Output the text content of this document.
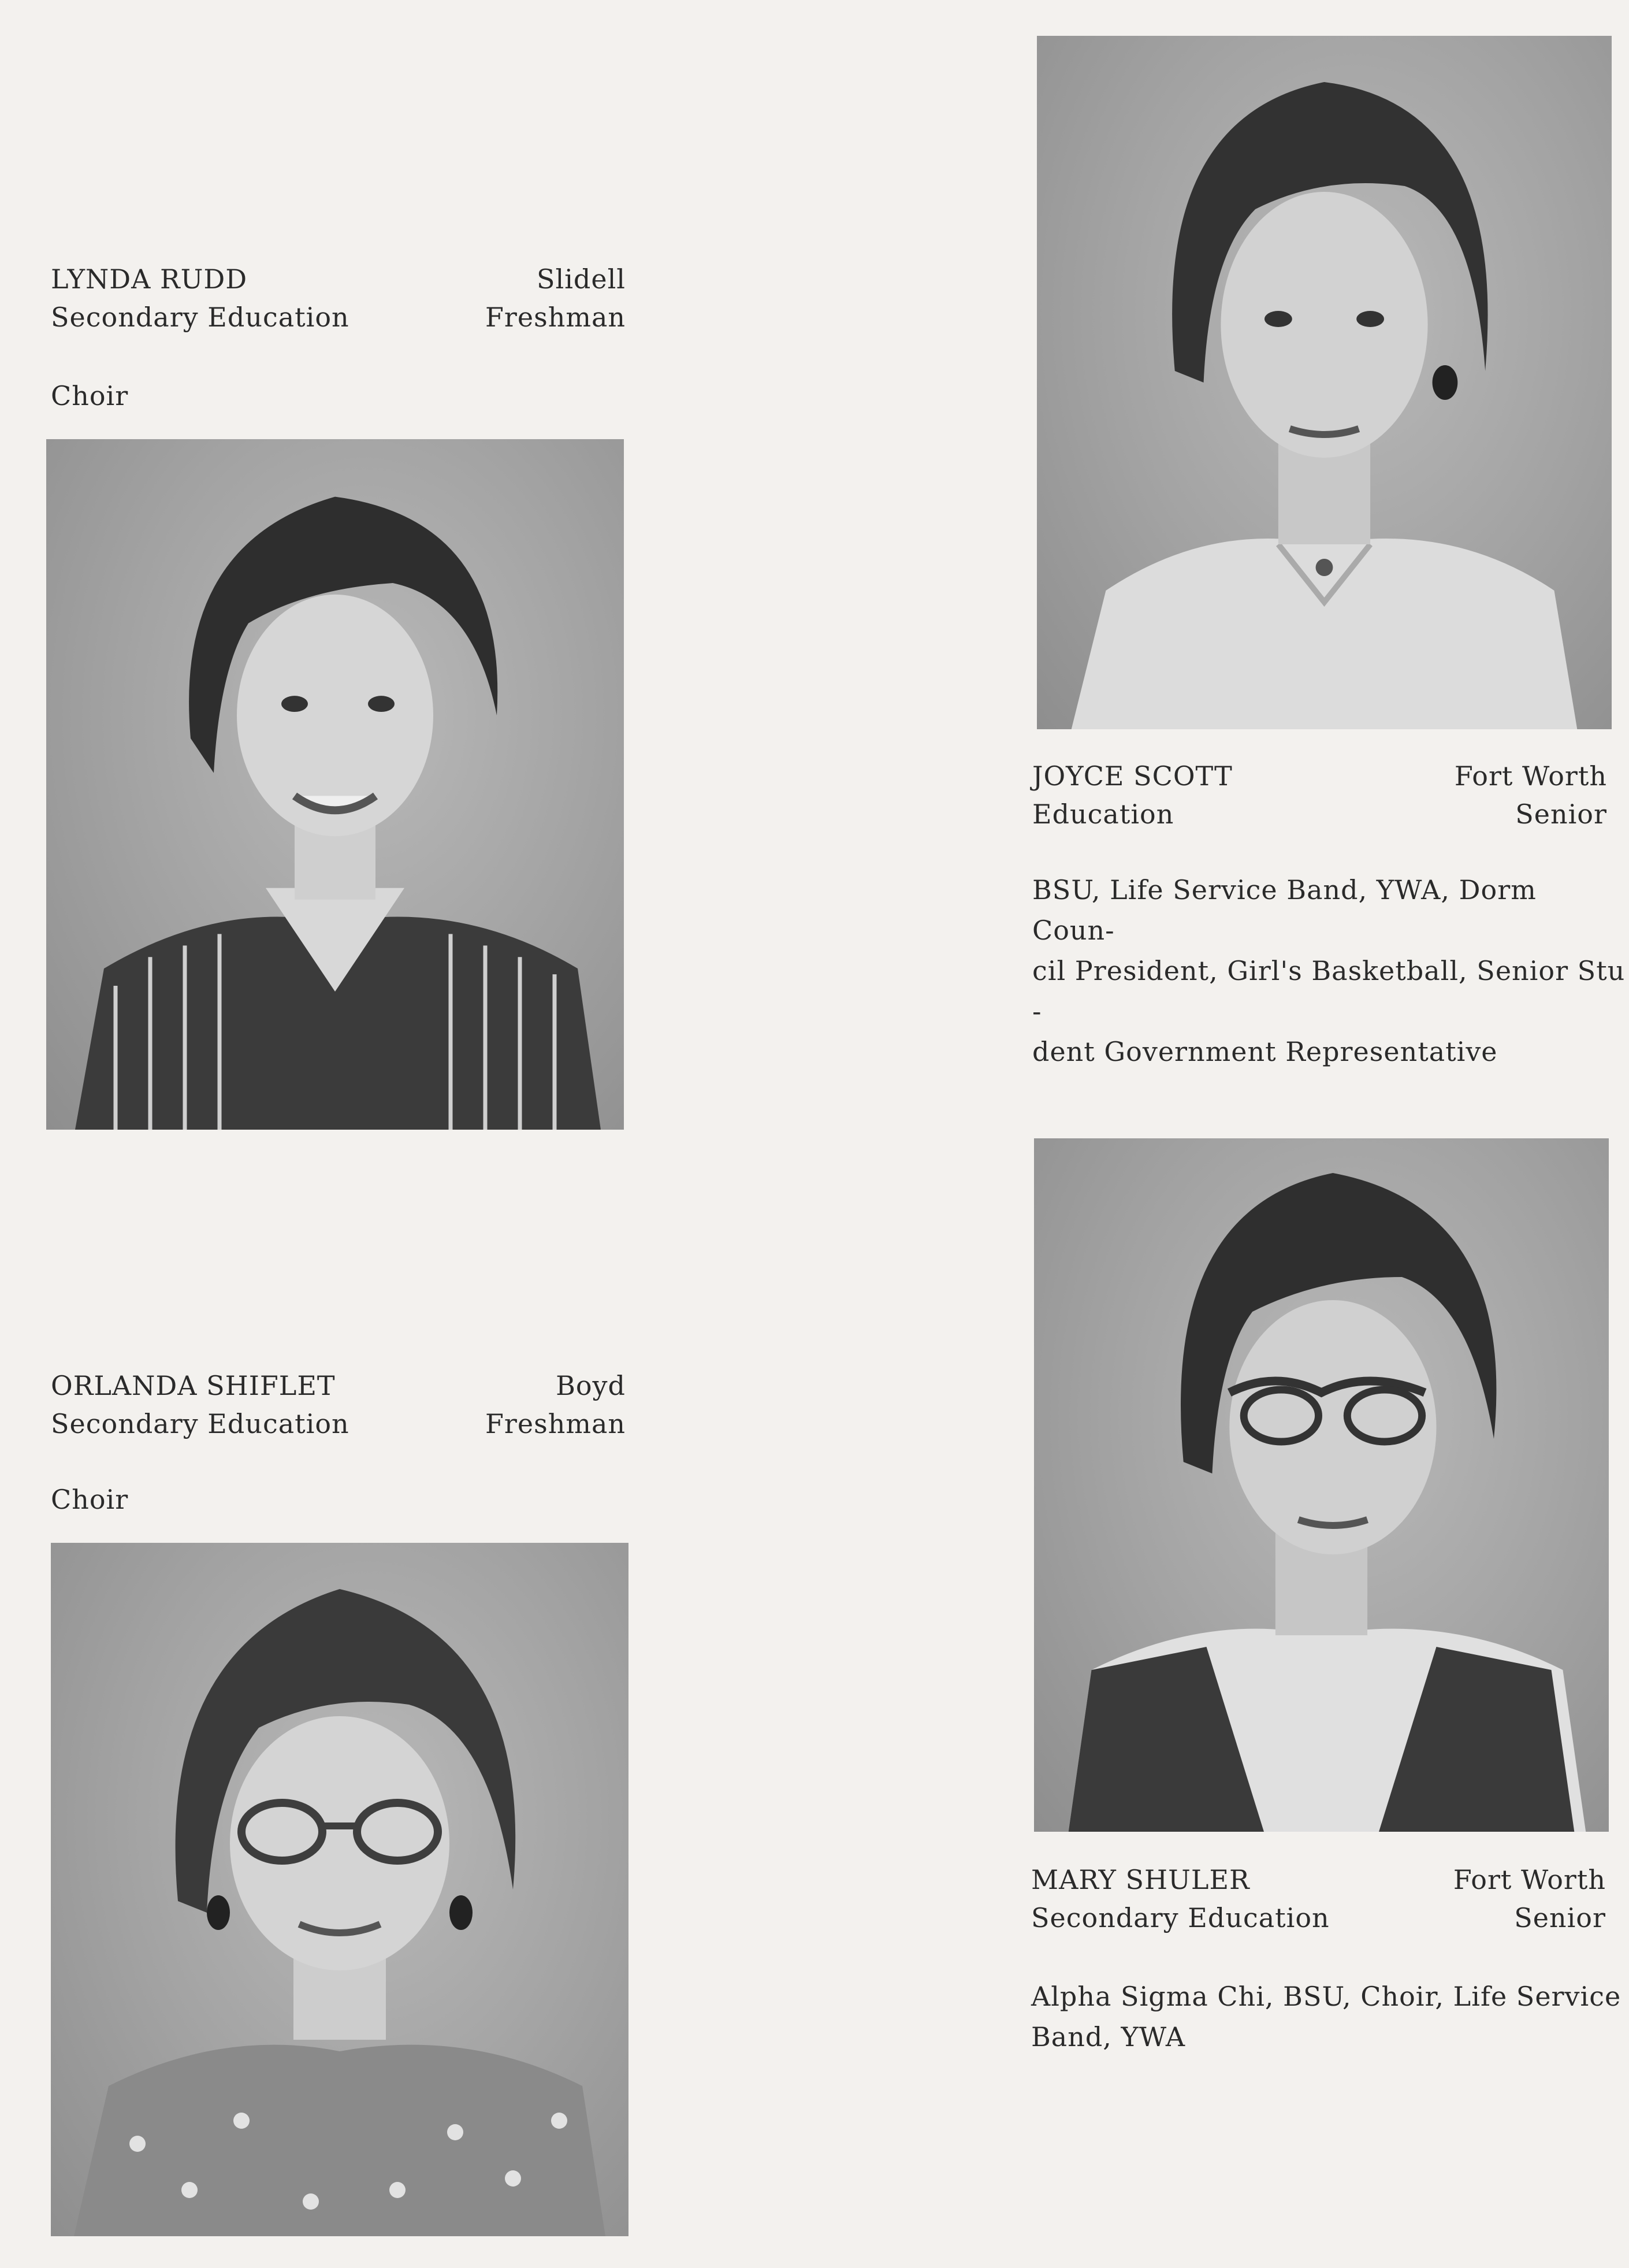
LYNDA RUDD	Slidell
Secondary Education	Freshman
Choir
ORLANDA SHIFLET	Boyd
Secondary Education	Freshman
Choir
JOYCE SCOTT	Fort Worth
Education	Senior
BSU, Life Service Band, YWA, Dorm Coun-
cil President, Girl's Basketball, Senior Stu -
dent Government Representative
MARY SHULER	Fort Worth
Secondary Education	Senior
Alpha Sigma Chi, BSU, Choir, Life Service
Band, YWA
